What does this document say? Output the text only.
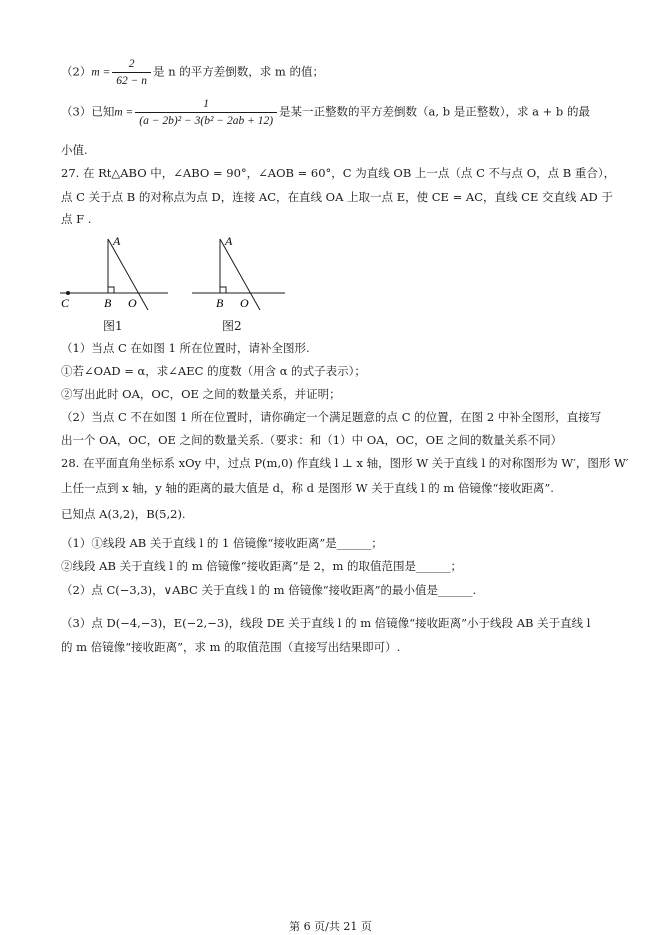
$(2)m = \frac{2}{62 - n}$ 是 n 的平方差倒数，求 m 的值；
（3）已知$m = \frac{1}{\text{(a − 2b)² − 3(b² − 2ab + 12)}}$ 是某一正整数的平方差倒数（a, b 是正整数），求 a + b 的最
小值.
27. 在 Rt△ABO 中，∠ABO = 90°，∠AOB = 60°，C 为直线 OB 上一点（点 C 不与点 O，点 B 重合），
点 C 关于点 B 的对称点为点 D，连接 AC，在直线 OA 上取一点 E，使 CE = AC，直线 CE 交直线 AD 于
点 F .
A
B O
C
图1
A
B O
图2
（1）当点 C 在如图 1 所在位置时，请补全图形.
①若∠OAD = α，求∠AEC 的度数（用含 α 的式子表示）；
②写出此时 OA，OC，OE 之间的数量关系，并证明；
（2）当点 C 不在如图 1 所在位置时，请你确定一个满足题意的点 C 的位置，在图 2 中补全图形，直接写
出一个 OA，OC，OE 之间的数量关系.（要求：和（1）中 OA，OC，OE 之间的数量关系不同）
28. 在平面直角坐标系 xOy 中，过点 P(m,0) 作直线 l ⊥ x 轴，图形 W 关于直线 l 的对称图形为 W′，图形 W′
上任一点到 x 轴，y 轴的距离的最大值是 d，称 d 是图形 W 关于直线 l 的 m 倍镜像“接收距离”.
已知点 A(3,2)，B(5,2).
（1）①线段 AB 关于直线 l 的 1 倍镜像“接收距离”是______；
②线段 AB 关于直线 l 的 m 倍镜像“接收距离”是 2，m 的取值范围是______；
（2）点 C(−3,3)，∨ABC 关于直线 l 的 m 倍镜像“接收距离”的最小值是______.
（3）点 D(−4,−3)，E(−2,−3)，线段 DE 关于直线 l 的 m 倍镜像“接收距离”小于线段 AB 关于直线 l
的 m 倍镜像“接收距离”，求 m 的取值范围（直接写出结果即可）.
第 6 页/共 21 页
